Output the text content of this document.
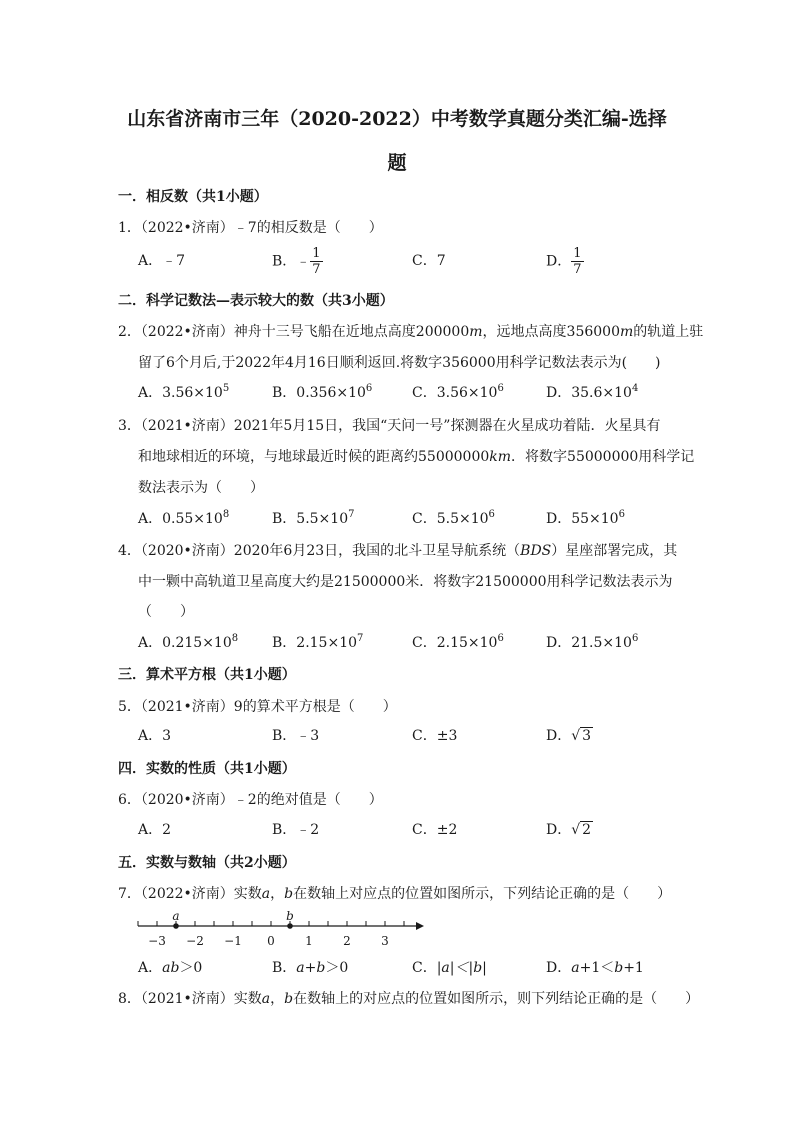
山东省济南市三年（2020-2022）中考数学真题分类汇编-选择
题
一．相反数（共1小题）
1．（2022•济南）﹣7的相反数是（　　）
A．﹣7	B．﹣ $\frac{1}{7}$	C．7	D． $\frac{1}{7}$
二．科学记数法—表示较大的数（共3小题）
2．（2022•济南）神舟十三号飞船在近地点高度200000m，远地点高度356000m的轨道上驻
留了6个月后,于2022年4月16日顺利返回.将数字356000用科学记数法表示为(　　)
A．$3.56\times 10^5$	B．$0.356\times 10^6$	C．$3.56\times 10^6$	D．$35.6\times 10^4$
3．（2021•济南）2021年5月15日，我国“天问一号”探测器在火星成功着陆．火星具有
和地球相近的环境，与地球最近时候的距离约55000000km．将数字55000000用科学记
数法表示为（　　）
A．$0.55\times 10^8$	B．$5.5\times 10^7$	C．$5.5\times 10^6$	D．$55\times 10^6$
4．（2020•济南）2020年6月23日，我国的北斗卫星导航系统（BDS）星座部署完成，其
中一颗中高轨道卫星高度大约是21500000米．将数字21500000用科学记数法表示为
（　　）
A．$0.215\times 10^8$ B．$2.15\times 10^7$	C．$2.15\times 10^6$	D．$21.5\times 10^6$
三．算术平方根（共1小题）
5．（2021•济南）9的算术平方根是（　　）
A．3	B．﹣3	C．±3	D．√ 3
四．实数的性质（共1小题）
6．（2020•济南）﹣2的绝对值是（　　）
A．2	B．﹣2	C．±2	D．√ 2
五．实数与数轴（共2小题）
7．（2022•济南）实数a，b在数轴上对应点的位置如图所示，下列结论正确的是（　　）
−3 −2 −1 0	1	2	3
a	b
A．ab＞0	B．a+b＞0	C．|a|＜|b|	D．a+1＜b+1
8．（2021•济南）实数a，b在数轴上的对应点的位置如图所示，则下列结论正确的是（　　）
